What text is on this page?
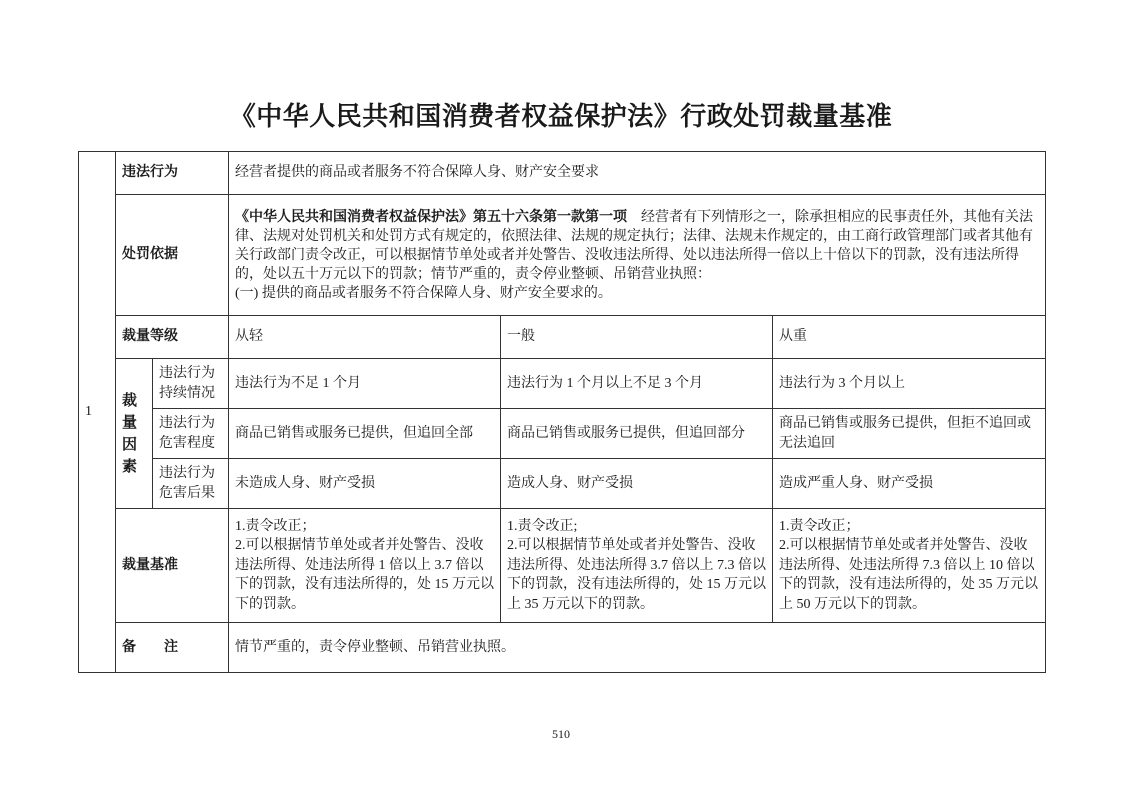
《中华人民共和国消费者权益保护法》行政处罚裁量基准
1	违法行为		经营者提供的商品或者服务不符合保障人身、财产安全要求		
	处罚依据		《中华人民共和国消费者权益保护法》第五十六条第一款第一项 经营者有下列情形之一，除承担相应的民事责任外，其他有关法律、法规对处罚机关和处罚方式有规定的，依照法律、法规的规定执行；法律、法规未作规定的，由工商行政管理部门或者其他有关行政部门责令改正，可以根据情节单处或者并处警告、没收违法所得、处以违法所得一倍以上十倍以下的罚款，没有违法所得的，处以五十万元以下的罚款；情节严重的，责令停业整顿、吊销营业执照：
(一) 提供的商品或者服务不符合保障人身、财产安全要求的。		

	裁量等级		从轻	一般	从重
	裁量因素	违法行为持续情况	违法行为不足 1 个月	违法行为 1 个月以上不足 3 个月	违法行为 3 个月以上
		违法行为危害程度	商品已销售或服务已提供，但追回全部	商品已销售或服务已提供，但追回部分	商品已销售或服务已提供，但拒不追回或无法追回
		违法行为危害后果	未造成人身、财产受损	造成人身、财产受损	造成严重人身、财产受损
	裁量基准		1.责令改正；
2.可以根据情节单处或者并处警告、没收违法所得、处违法所得 1 倍以上 3.7 倍以下的罚款，没有违法所得的，处 15 万元以下的罚款。	1.责令改正;
2.可以根据情节单处或者并处警告、没收违法所得、处违法所得 3.7 倍以上 7.3 倍以下的罚款，没有违法所得的，处 15 万元以上 35 万元以下的罚款。	1.责令改正；
2.可以根据情节单处或者并处警告、没收违法所得、处违法所得 7.3 倍以上 10 倍以下的罚款，没有违法所得的，处 35 万元以上 50 万元以下的罚款。

	备注		情节严重的，责令停业整顿、吊销营业执照。		
510
